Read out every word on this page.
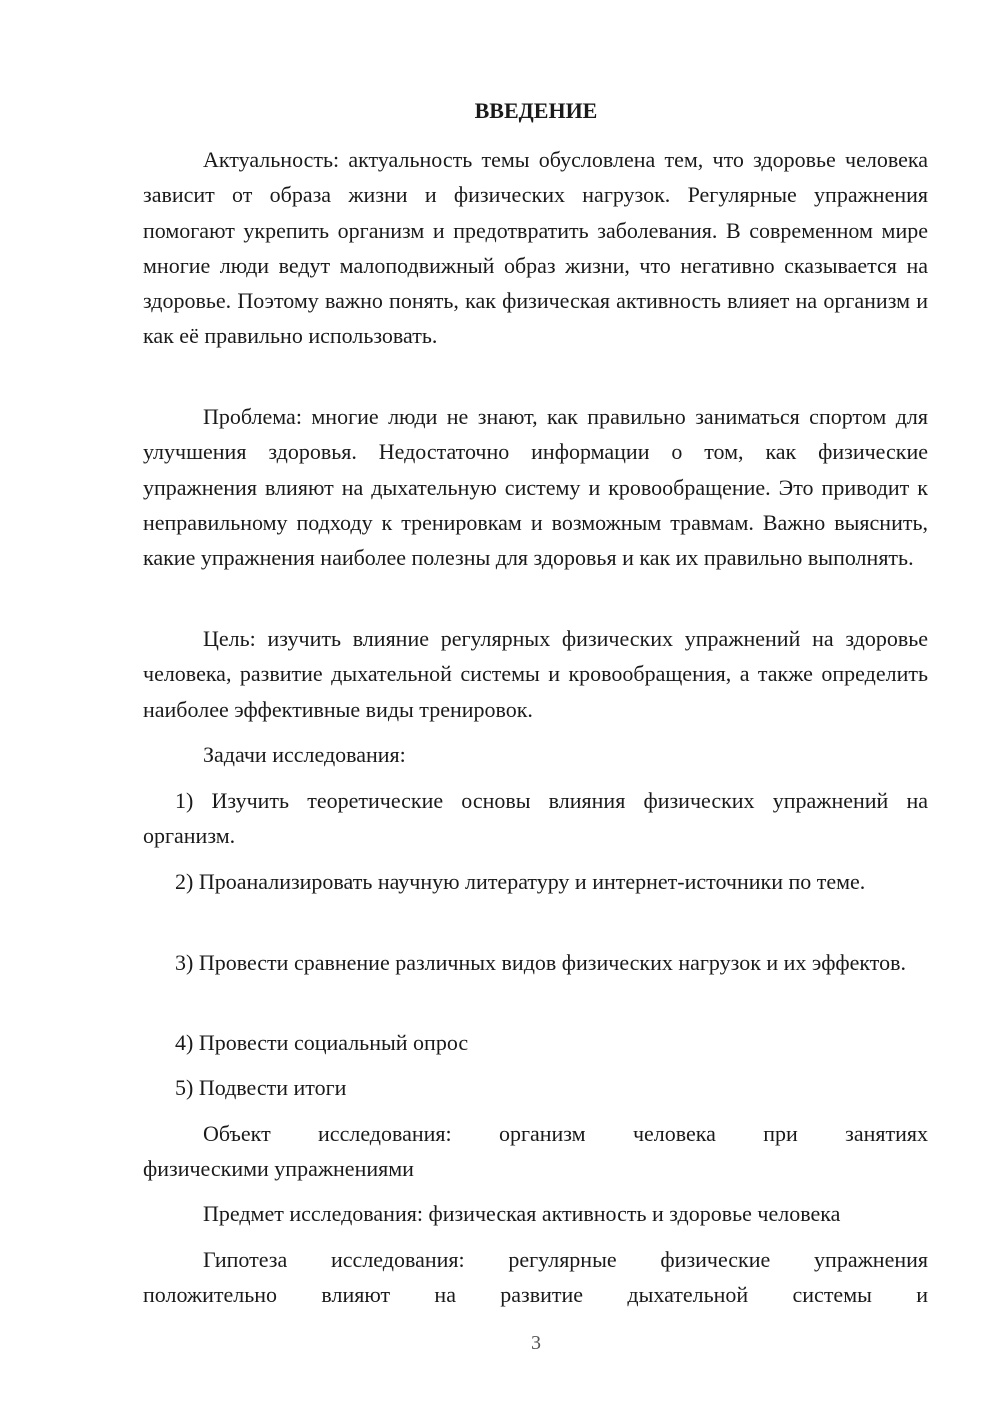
ВВЕДЕНИЕ

Актуальность: актуальность темы обусловлена тем, что здоровье человека зависит от образа жизни и физических нагрузок. Регулярные упражнения помогают укрепить организм и предотвратить заболевания. В современном мире многие люди ведут малоподвижный образ жизни, что негативно сказывается на здоровье. Поэтому важно понять, как физическая активность влияет на организм и как её правильно использовать.

Проблема: многие люди не знают, как правильно заниматься спортом для улучшения здоровья. Недостаточно информации о том, как физические упражнения влияют на дыхательную систему и кровообращение. Это приводит к неправильному подходу к тренировкам и возможным травмам. Важно выяснить, какие упражнения наиболее полезны для здоровья и как их правильно выполнять.

Цель: изучить влияние регулярных физических упражнений на здоровье человека, развитие дыхательной системы и кровообращения, а также определить наиболее эффективные виды тренировок.

Задачи исследования:

1) Изучить теоретические основы влияния физических упражнений на организм.

2) Проанализировать научную литературу и интернет-источники по теме.

3) Провести сравнение различных видов физических нагрузок и их эффектов.

4) Провести социальный опрос

5) Подвести итоги

Объект исследования: организм человека при занятиях

физическими упражнениями

Предмет исследования: физическая активность и здоровье человека

Гипотеза исследования: регулярные физические упражнения

положительно влияют на развитие дыхательной системы и

3
